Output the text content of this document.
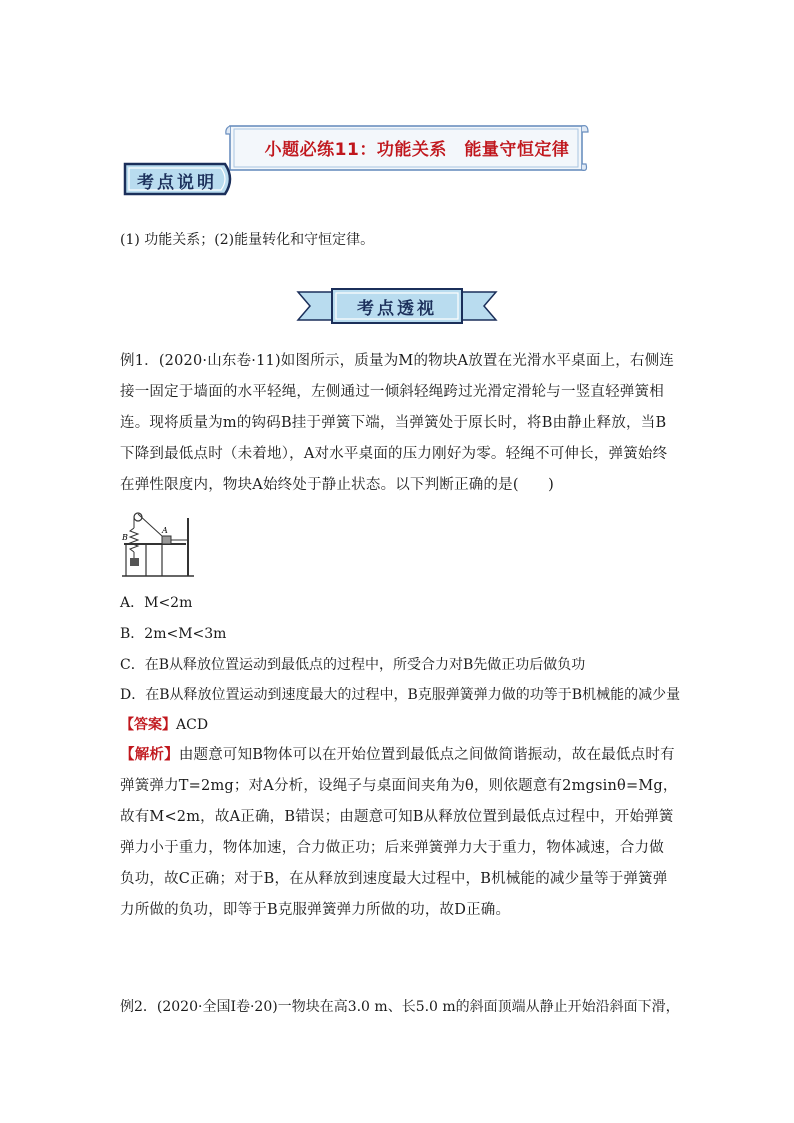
小题必练11：功能关系　能量守恒定律
考点说明
(1) 功能关系；(2)能量转化和守恒定律。
考点透视
例1．(2020·山东卷·11)如图所示，质量为M的物块A放置在光滑水平桌面上，右侧连接一固定于墙面的水平轻绳，左侧通过一倾斜轻绳跨过光滑定滑轮与一竖直轻弹簧相连。现将质量为m的钩码B挂于弹簧下端，当弹簧处于原长时，将B由静止释放，当B下降到最低点时（未着地），A对水平桌面的压力刚好为零。轻绳不可伸长，弹簧始终在弹性限度内，物块A始终处于静止状态。以下判断正确的是(　　)
A
B
A．M<2m
B．2m<M<3m
C．在B从释放位置运动到最低点的过程中，所受合力对B先做正功后做负功
D．在B从释放位置运动到速度最大的过程中，B克服弹簧弹力做的功等于B机械能的减少量
【答案】ACD
【解析】由题意可知B物体可以在开始位置到最低点之间做简谐振动，故在最低点时有弹簧弹力T=2mg；对A分析，设绳子与桌面间夹角为θ，则依题意有2mgsinθ=Mg，故有M<2m，故A正确，B错误；由题意可知B从释放位置到最低点过程中，开始弹簧弹力小于重力，物体加速，合力做正功；后来弹簧弹力大于重力，物体减速，合力做负功，故C正确；对于B，在从释放到速度最大过程中，B机械能的减少量等于弹簧弹力所做的负功，即等于B克服弹簧弹力所做的功，故D正确。
例2．(2020·全国Ⅰ卷·20)一物块在高3.0 m、长5.0 m的斜面顶端从静止开始沿斜面下滑，
